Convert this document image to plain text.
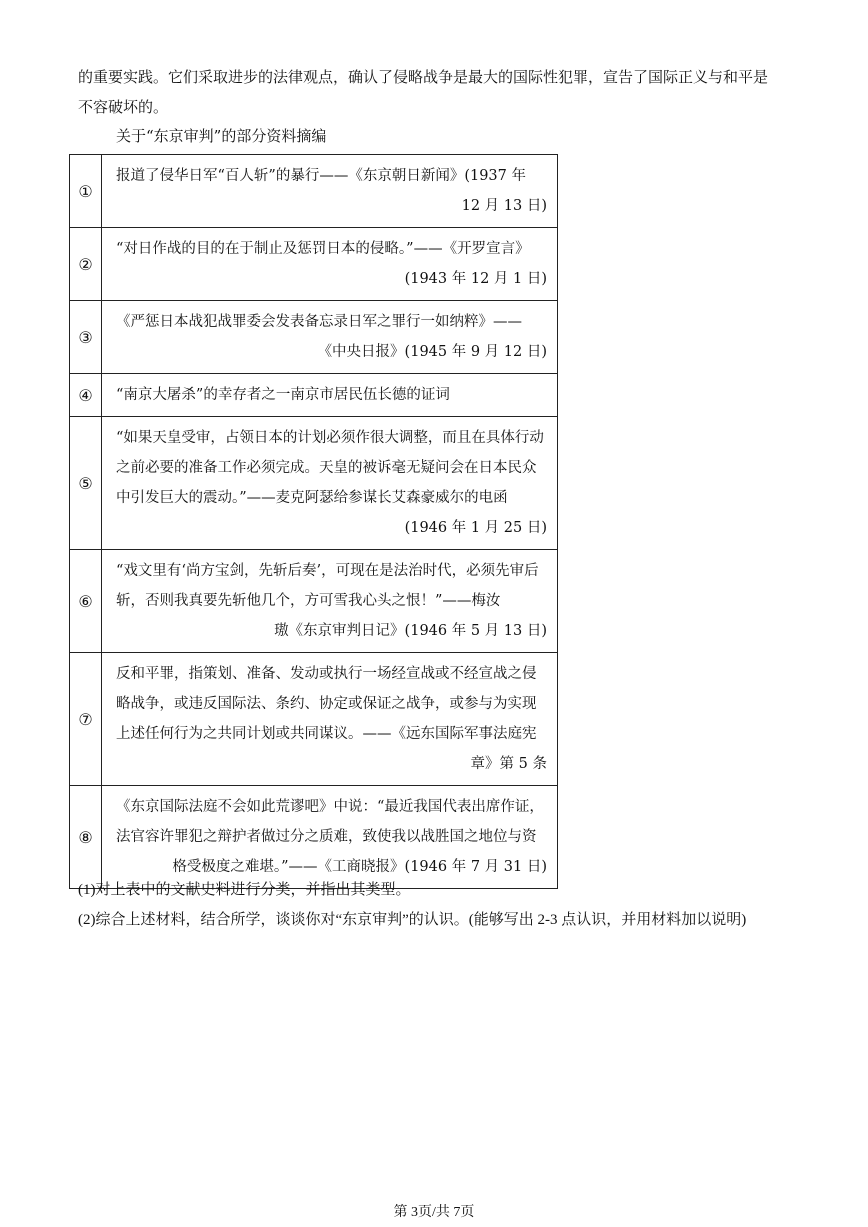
的重要实践。它们采取进步的法律观点，确认了侵略战争是最大的国际性犯罪，宣告了国际正义与和平是
不容破坏的。
关于“东京审判”的部分资料摘编
①	报道了侵华日军“百人斩”的暴行——《东京朝日新闻》(1937 年
12 月 13 日)

②	“对日作战的目的在于制止及惩罚日本的侵略。”——《开罗宣言》
(1943 年 12 月 1 日)

③	《严惩日本战犯战罪委会发表备忘录日军之罪行一如纳粹》——
《中央日报》(1945 年 9 月 12 日)

④	“南京大屠杀”的幸存者之一南京市居民伍长德的证词
⑤	“如果天皇受审，占领日本的计划必须作很大调整，而且在具体行动之前必要的准备工作必须完成。天皇的被诉毫无疑问会在日本民众中引发巨大的震动。”——麦克阿瑟给参谋长艾森豪威尔的电函
(1946 年 1 月 25 日)

⑥	“戏文里有‘尚方宝剑，先斩后奏’，可现在是法治时代，必须先审后斩，否则我真要先斩他几个，方可雪我心头之恨！”——梅汝
璈《东京审判日记》(1946 年 5 月 13 日)

⑦	反和平罪，指策划、准备、发动或执行一场经宣战或不经宣战之侵略战争，或违反国际法、条约、协定或保证之战争，或参与为实现上述任何行为之共同计划或共同谋议。——《远东国际军事法庭宪
章》第 5 条

⑧	《东京国际法庭不会如此荒谬吧》中说：“最近我国代表出席作证，法官容许罪犯之辩护者做过分之质难，致使我以战胜国之地位与资
格受极度之难堪。”——《工商晓报》(1946 年 7 月 31 日)
(1)对上表中的文献史料进行分类，并指出其类型。
(2)综合上述材料，结合所学，谈谈你对“东京审判”的认识。(能够写出 2-3 点认识，并用材料加以说明)
第 3页/共 7页
